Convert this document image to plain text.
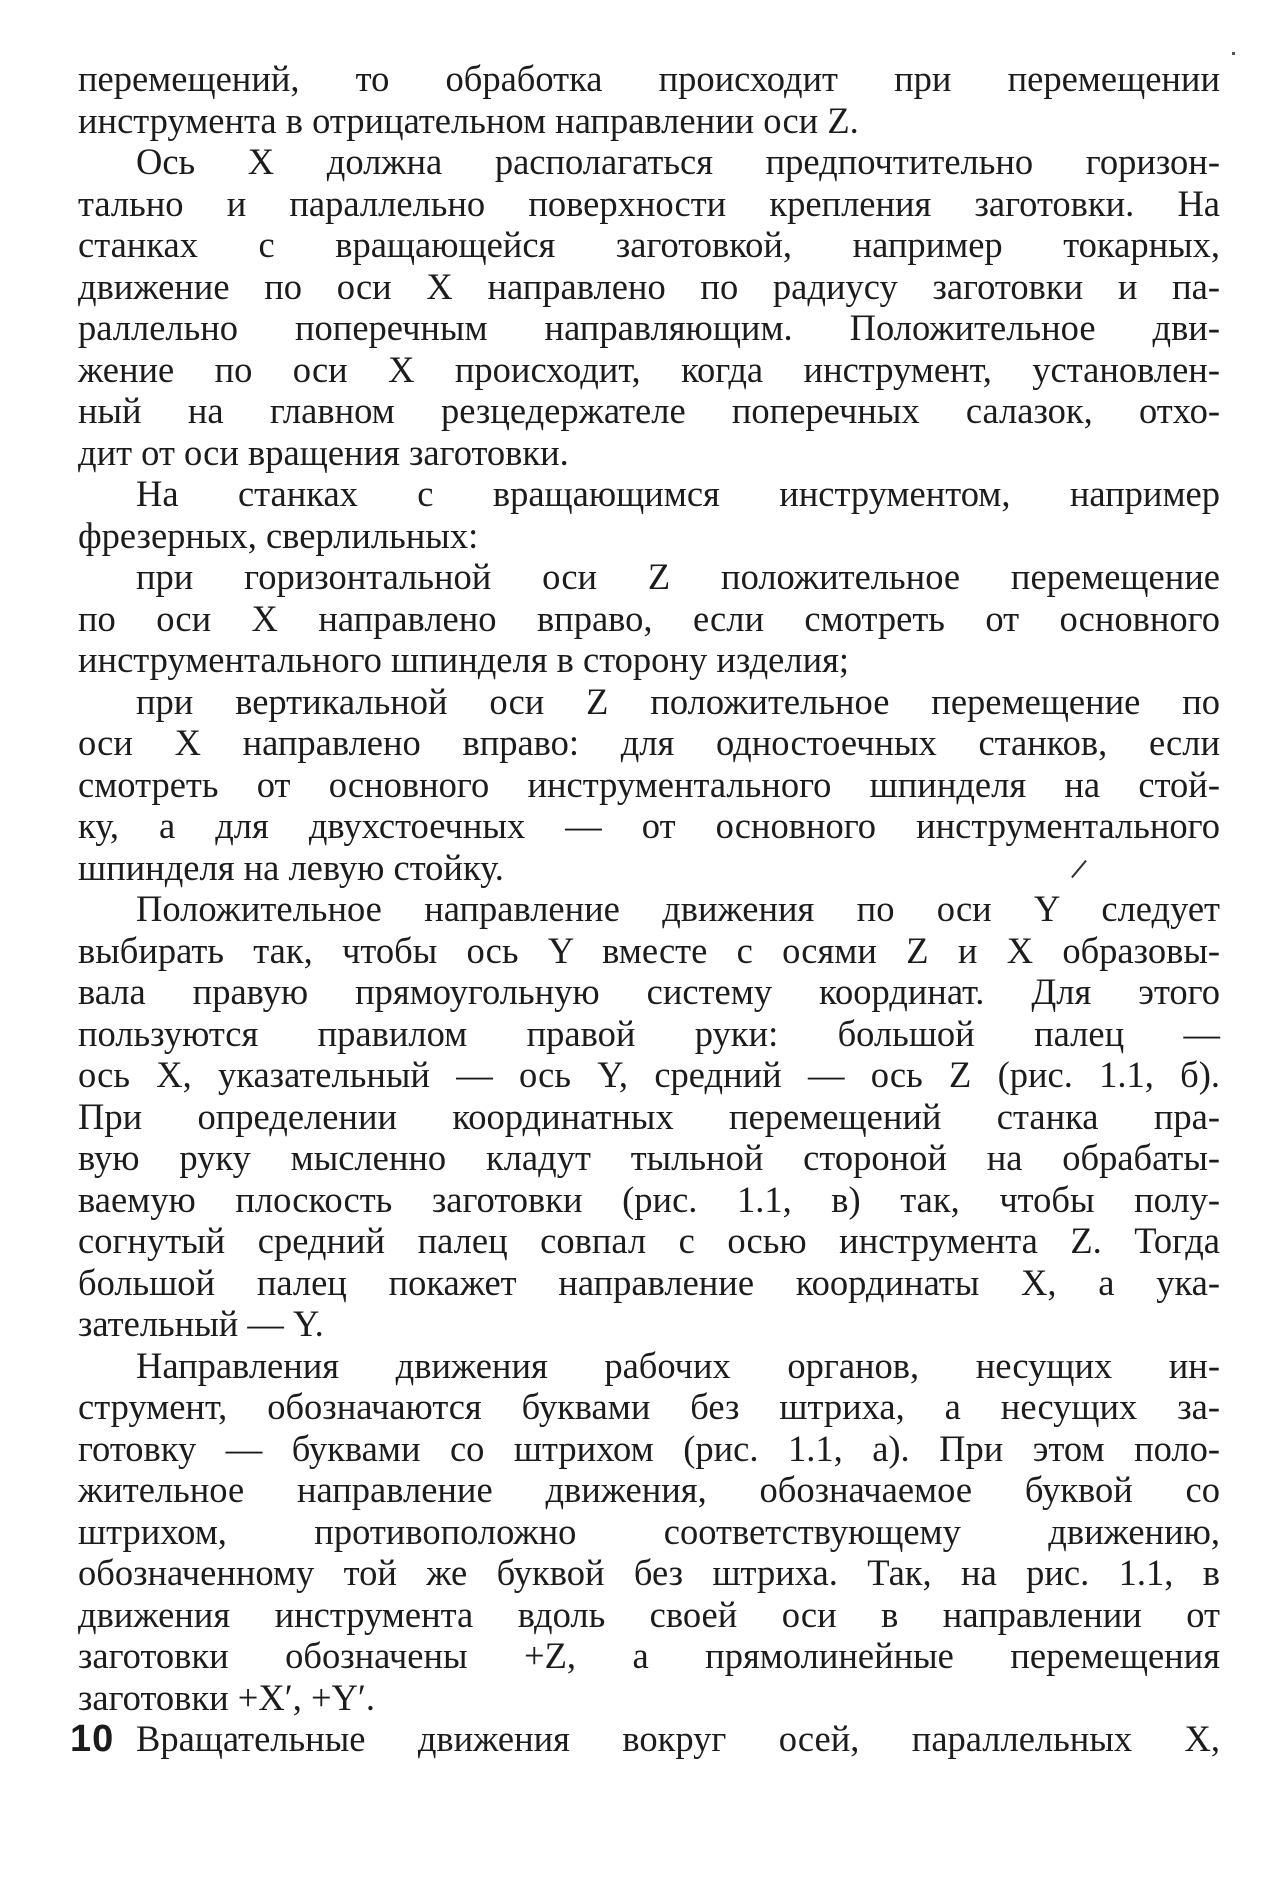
перемещений, то обработка происходит при перемещении
инструмента в отрицательном направлении оси Z.
Ось X должна располагаться предпочтительно горизон-
тально и параллельно поверхности крепления заготовки. На
станках с вращающейся заготовкой, например токарных,
движение по оси X направлено по радиусу заготовки и па-
раллельно поперечным направляющим. Положительное дви-
жение по оси X происходит, когда инструмент, установлен-
ный на главном резцедержателе поперечных салазок, отхо-
дит от оси вращения заготовки.
На станках с вращающимся инструментом, например
фрезерных, сверлильных:
при горизонтальной оси Z положительное перемещение
по оси X направлено вправо, если смотреть от основного
инструментального шпинделя в сторону изделия;
при вертикальной оси Z положительное перемещение по
оси X направлено вправо: для одностоечных станков, если
смотреть от основного инструментального шпинделя на стой-
ку, а для двухстоечных — от основного инструментального
шпинделя на левую стойку.
Положительное направление движения по оси Y следует
выбирать так, чтобы ось Y вместе с осями Z и X образовы-
вала правую прямоугольную систему координат. Для этого
пользуются правилом правой руки: большой палец —
ось X, указательный — ось Y, средний — ось Z (рис. 1.1, б).
При определении координатных перемещений станка пра-
вую руку мысленно кладут тыльной стороной на обрабаты-
ваемую плоскость заготовки (рис. 1.1, в) так, чтобы полу-
согнутый средний палец совпал с осью инструмента Z. Тогда
большой палец покажет направление координаты X, а ука-
зательный — Y.
Направления движения рабочих органов, несущих ин-
струмент, обозначаются буквами без штриха, а несущих за-
готовку — буквами со штрихом (рис. 1.1, а). При этом поло-
жительное направление движения, обозначаемое буквой со
штрихом, противоположно соответствующему движению,
обозначенному той же буквой без штриха. Так, на рис. 1.1, в
движения инструмента вдоль своей оси в направлении от
заготовки обозначены +Z, а прямолинейные перемещения
заготовки +X′, +Y′.
Вращательные движения вокруг осей, параллельных X,

10
